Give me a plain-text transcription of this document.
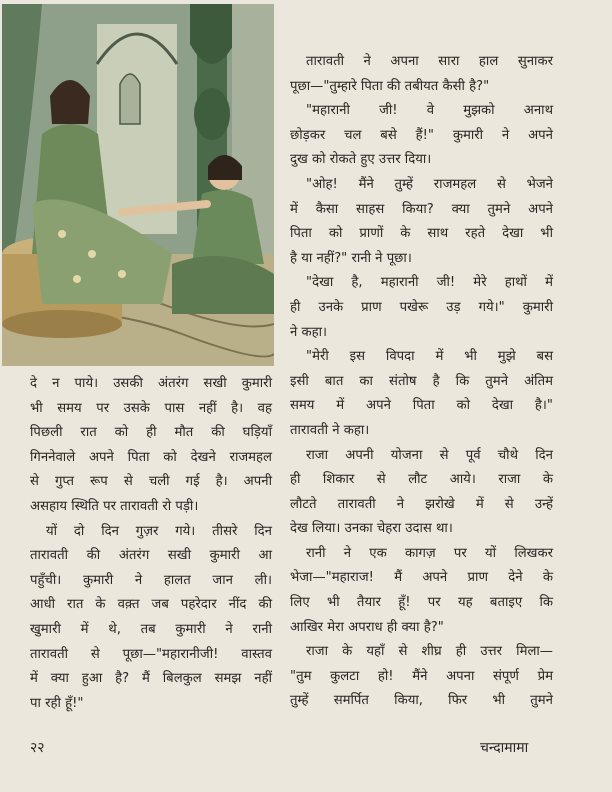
दे न पाये। उसकी अंतरंग सखी कुमारी
भी समय पर उसके पास नहीं है। वह
पिछली रात को ही मौत की घड़ियाँ
गिननेवाले अपने पिता को देखने राजमहल
से गुप्त रूप से चली गई है। अपनी
असहाय स्थिति पर तारावती रो पड़ी।

यों दो दिन गुज़र गये। तीसरे दिन
तारावती की अंतरंग सखी कुमारी आ
पहुँची। कुमारी ने हालत जान ली।
आधी रात के वक़्त जब पहरेदार नींद की
खुमारी में थे, तब कुमारी ने रानी
तारावती से पूछा—"महारानीजी! वास्तव
में क्या हुआ है? मैं बिलकुल समझ नहीं
पा रही हूँ!"

तारावती ने अपना सारा हाल सुनाकर
पूछा—"तुम्हारे पिता की तबीयत कैसी है?"

"महारानी जी! वे मुझको अनाथ
छोड़कर चल बसे हैं!" कुमारी ने अपने
दुख को रोकते हुए उत्तर दिया।

"ओह! मैंने तुम्हें राजमहल से भेजने
में कैसा साहस किया? क्या तुमने अपने
पिता को प्राणों के साथ रहते देखा भी
है या नहीं?" रानी ने पूछा।

"देखा है, महारानी जी! मेरे हाथों में
ही उनके प्राण पखेरू उड़ गये।" कुमारी
ने कहा।

"मेरी इस विपदा में भी मुझे बस
इसी बात का संतोष है कि तुमने अंतिम
समय में अपने पिता को देखा है।"
तारावती ने कहा।

राजा अपनी योजना से पूर्व चौथे दिन
ही शिकार से लौट आये। राजा के
लौटते तारावती ने झरोखे में से उन्हें
देख लिया। उनका चेहरा उदास था।

रानी ने एक कागज़ पर यों लिखकर
भेजा—"महाराज! मैं अपने प्राण देने के
लिए भी तैयार हूँ! पर यह बताइए कि
आखिर मेरा अपराध ही क्या है?"

राजा के यहाँ से शीघ्र ही उत्तर मिला—
"तुम कुलटा हो! मैंने अपना संपूर्ण प्रेम
तुम्हें समर्पित किया, फिर भी तुमने

२२	चन्दामामा
